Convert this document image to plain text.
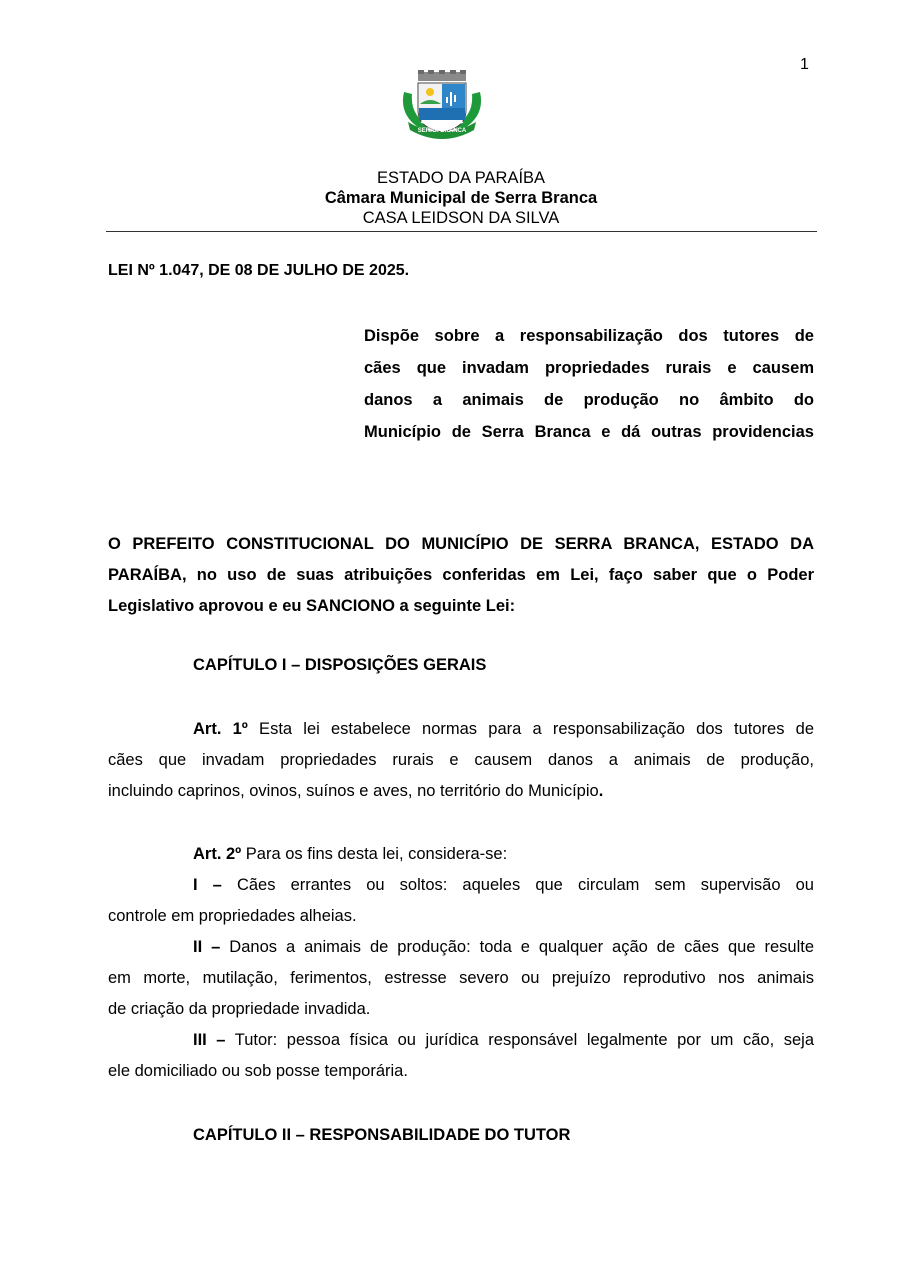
1
SERRA BRANCA
ESTADO DA PARAÍBA
Câmara Municipal de Serra Branca
CASA LEIDSON DA SILVA
LEI Nº 1.047, DE 08 DE JULHO DE 2025.
Dispõe sobre a responsabilização dos tutores de
cães que invadam propriedades rurais e causem
danos a animais de produção no âmbito do
Município de Serra Branca e dá outras providencias
O PREFEITO CONSTITUCIONAL DO MUNICÍPIO DE SERRA BRANCA, ESTADO DA
PARAÍBA, no uso de suas atribuições conferidas em Lei, faço saber que o Poder
Legislativo aprovou e eu SANCIONO a seguinte Lei:
CAPÍTULO I – DISPOSIÇÕES GERAIS
Art. 1º Esta lei estabelece normas para a responsabilização dos tutores de
cães que invadam propriedades rurais e causem danos a animais de produção,
incluindo caprinos, ovinos, suínos e aves, no território do Município.
Art. 2º Para os fins desta lei, considera-se:
I – Cães errantes ou soltos: aqueles que circulam sem supervisão ou
controle em propriedades alheias.
II – Danos a animais de produção: toda e qualquer ação de cães que resulte
em morte, mutilação, ferimentos, estresse severo ou prejuízo reprodutivo nos animais
de criação da propriedade invadida.
III – Tutor: pessoa física ou jurídica responsável legalmente por um cão, seja
ele domiciliado ou sob posse temporária.
CAPÍTULO II – RESPONSABILIDADE DO TUTOR
